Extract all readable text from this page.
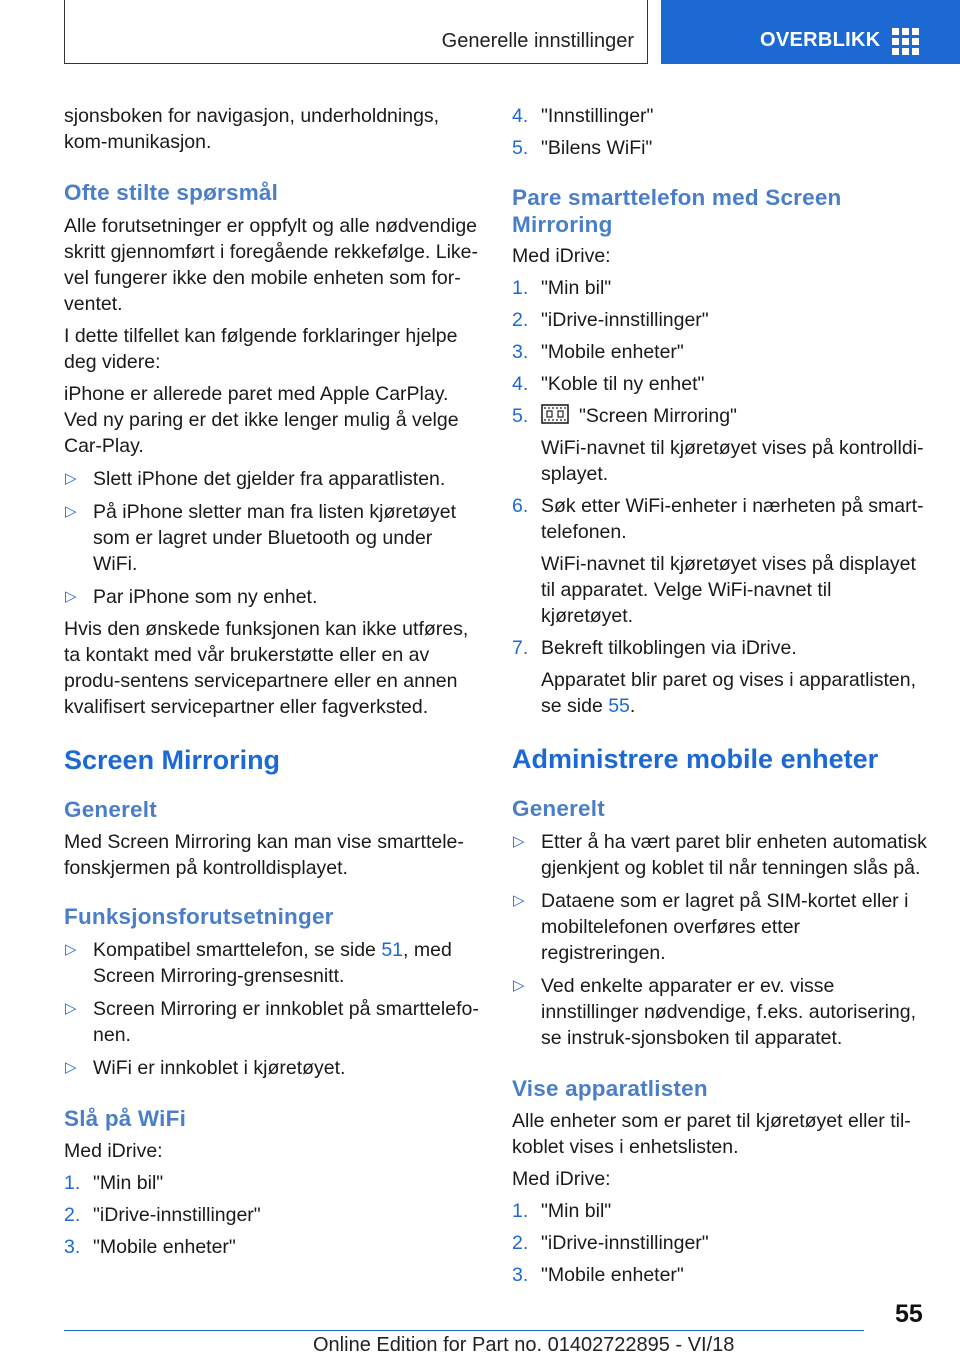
Generelle innstillinger	OVERBLIKK

sjonsboken for navigasjon, underholdnings, kom-munikasjon.

Ofte stilte spørsmål

Alle forutsetninger er oppfylt og alle nødvendige skritt gjennomført i foregående rekkefølge. Like-vel fungerer ikke den mobile enheten som for-ventet.

I dette tilfellet kan følgende forklaringer hjelpe deg videre:

iPhone er allerede paret med Apple CarPlay. Ved ny paring er det ikke lenger mulig å velge Car-Play.

▷ Slett iPhone det gjelder fra apparatlisten.
▷ På iPhone sletter man fra listen kjøretøyet som er lagret under Bluetooth og under WiFi.
▷ Par iPhone som ny enhet.

Hvis den ønskede funksjonen kan ikke utføres, ta kontakt med vår brukerstøtte eller en av produ-sentens servicepartnere eller en annen kvalifisert servicepartner eller fagverksted.

Screen Mirroring
Generelt

Med Screen Mirroring kan man vise smarttele-fonskjermen på kontrolldisplayet.

Funksjonsforutsetninger
▷ Kompatibel smarttelefon, se side 51, med Screen Mirroring-grensesnitt.
▷ Screen Mirroring er innkoblet på smarttelefo-nen.
▷ WiFi er innkoblet i kjøretøyet.
Slå på WiFi

Med iDrive:

1. "Min bil"
2. "iDrive-innstillinger"
3. "Mobile enheter"
4. "Innstillinger"
5. "Bilens WiFi"
Pare smarttelefon med Screen Mirroring

Med iDrive:

1. "Min bil"
2. "iDrive-innstillinger"
3. "Mobile enheter"
4. "Koble til ny enhet"
5.	"Screen Mirroring"
WiFi-navnet til kjøretøyet vises på kontrolldi-splayet.
6. Søk etter WiFi-enheter i nærheten på smart-telefonen.
WiFi-navnet til kjøretøyet vises på displayet til apparatet. Velge WiFi-navnet til kjøretøyet.
7. Bekreft tilkoblingen via iDrive.
Apparatet blir paret og vises i apparatlisten, se side 55.
Administrere mobile enheter
Generelt
▷ Etter å ha vært paret blir enheten automatisk gjenkjent og koblet til når tenningen slås på.
▷ Dataene som er lagret på SIM-kortet eller i mobiltelefonen overføres etter registreringen.
▷ Ved enkelte apparater er ev. visse innstillinger nødvendige, f.eks. autorisering, se instruk-sjonsboken til apparatet.
Vise apparatlisten

Alle enheter som er paret til kjøretøyet eller til-koblet vises i enhetslisten.

Med iDrive:

1. "Min bil"
2. "iDrive-innstillinger"
3. "Mobile enheter"
55
Online Edition for Part no. 01402722895 - VI/18
